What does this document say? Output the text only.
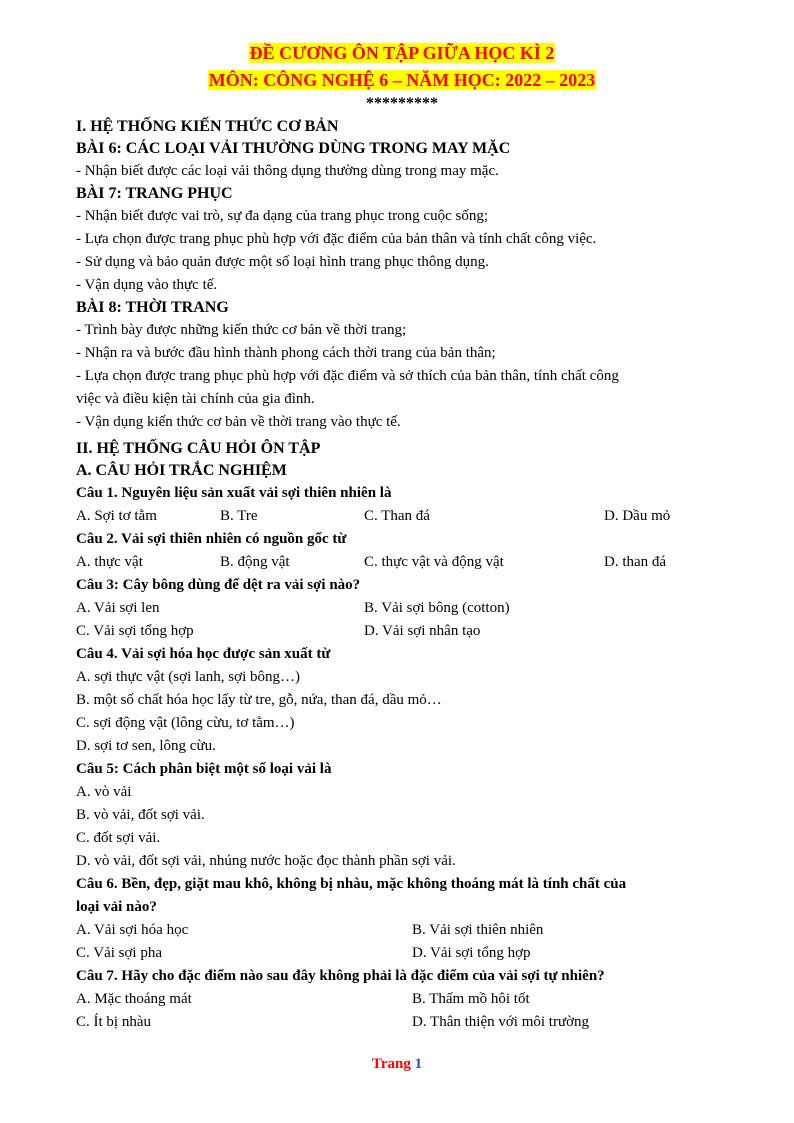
ĐỀ CƯƠNG ÔN TẬP GIỮA HỌC KÌ 2
MÔN: CÔNG NGHỆ 6 – NĂM HỌC: 2022 – 2023
*********
I. HỆ THỐNG KIẾN THỨC CƠ BẢN
BÀI 6: CÁC LOẠI VẢI THƯỜNG DÙNG TRONG MAY MẶC
- Nhận biết được các loại vải thông dụng thường dùng trong may mặc.
BÀI 7: TRANG PHỤC
- Nhận biết được vai trò, sự đa dạng của trang phục trong cuộc sống;
- Lựa chọn được trang phục phù hợp với đặc điểm của bản thân và tính chất công việc.
- Sử dụng và bảo quản được một số loại hình trang phục thông dụng.
- Vận dụng vào thực tế.
BÀI 8: THỜI TRANG
- Trình bày được những kiến thức cơ bản về thời trang;
- Nhận ra và bước đầu hình thành phong cách thời trang của bản thân;
- Lựa chọn được trang phục phù hợp với đặc điểm và sở thích của bản thân, tính chất công
việc và điều kiện tài chính của gia đình.
- Vận dụng kiến thức cơ bản về thời trang vào thực tế.
II. HỆ THỐNG CÂU HỎI ÔN TẬP
A. CÂU HỎI TRẮC NGHIỆM
Câu 1. Nguyên liệu sản xuất vải sợi thiên nhiên là
A. Sợi tơ tằm	B. Tre	C. Than đá	D. Dầu mỏ
Câu 2. Vải sợi thiên nhiên có nguồn gốc từ
A. thực vật	B. động vật	C. thực vật và động vật	D. than đá
Câu 3: Cây bông dùng để dệt ra vải sợi nào?
A. Vải sợi len	B. Vải sợi bông (cotton)
C. Vải sợi tổng hợp	D. Vải sợi nhân tạo
Câu 4. Vải sợi hóa học được sản xuất từ
A. sợi thực vật (sợi lanh, sợi bông…)
B. một số chất hóa học lấy từ tre, gỗ, nứa, than đá, dầu mỏ…
C. sợi động vật (lông cừu, tơ tằm…)
D. sợi tơ sen, lông cừu.
Câu 5: Cách phân biệt một số loại vải là
A. vò vải
B. vò vải, đốt sợi vải.
C. đốt sợi vải.
D. vò vải, đốt sợi vải, nhúng nước hoặc đọc thành phần sợi vải.
Câu 6. Bền, đẹp, giặt mau khô, không bị nhàu, mặc không thoáng mát là tính chất của
loại vải nào?
A. Vải sợi hóa học	B. Vải sợi thiên nhiên
C. Vải sợi pha	D. Vải sợi tổng hợp
Câu 7. Hãy cho đặc điểm nào sau đây không phải là đặc điểm của vải sợi tự nhiên?
A. Mặc thoáng mát	B. Thấm mồ hôi tốt
C. Ít bị nhàu	D. Thân thiện với môi trường
Trang 1
